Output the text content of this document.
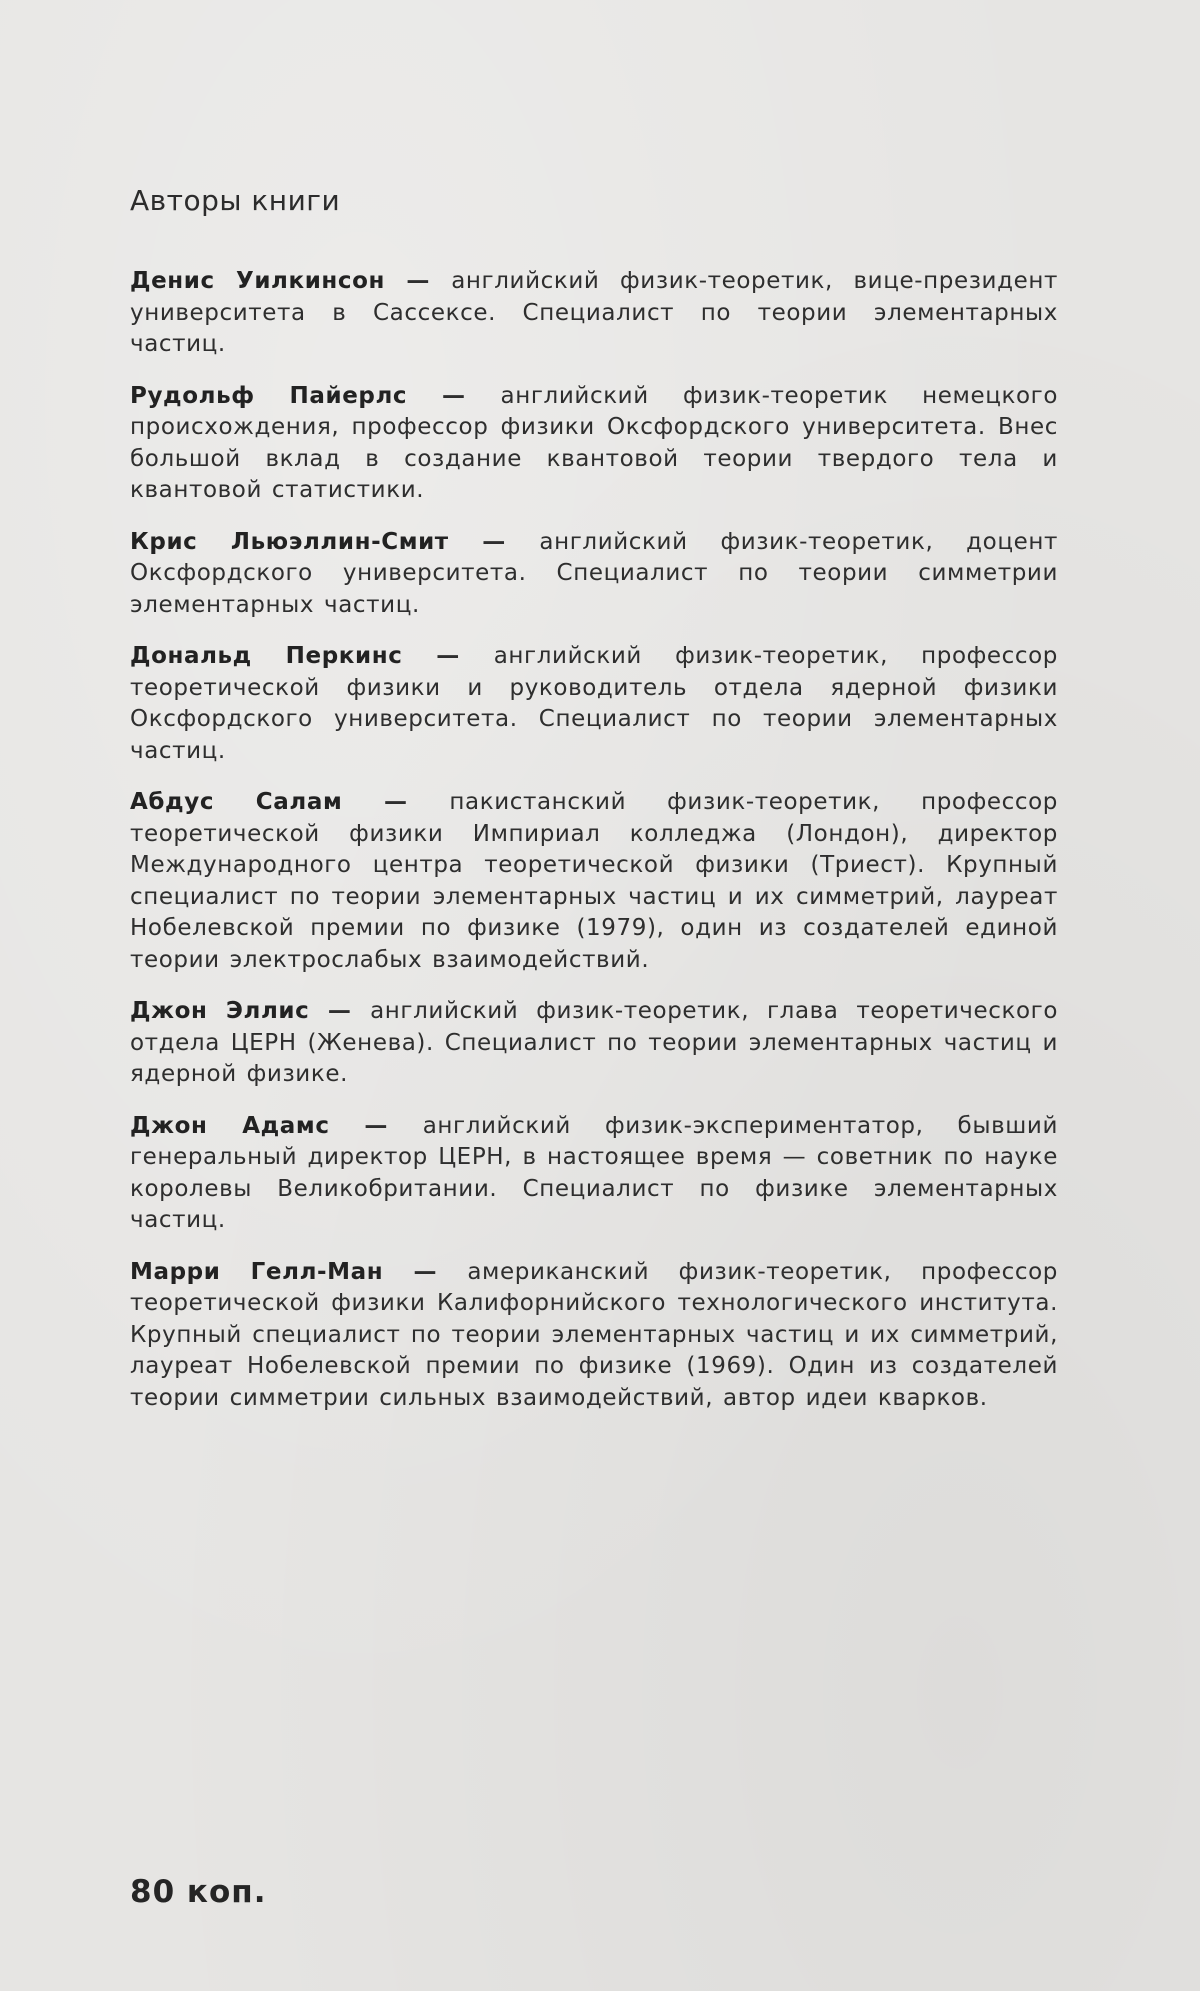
Авторы книги

Денис Уилкинсон — английский физик-теоретик, вице-президент университета в Сассексе. Специалист по теории элементарных частиц.

Рудольф Пайерлс — английский физик-теоретик немецкого происхождения, профессор физики Оксфордского университета. Внес большой вклад в создание квантовой теории твердого тела и квантовой статистики.

Крис Льюэллин-Смит — английский физик-теоретик, доцент Оксфордского университета. Специалист по теории симметрии элементарных частиц.

Дональд Перкинс — английский физик-теоретик, профессор теоретической физики и руководитель отдела ядерной физики Оксфордского университета. Специалист по теории элементарных частиц.

Абдус Салам — пакистанский физик-теоретик, профессор теоретической физики Импириал колледжа (Лондон), директор Международного центра теоретической физики (Триест). Крупный специалист по теории элементарных частиц и их симметрий, лауреат Нобелевской премии по физике (1979), один из создателей единой теории электрослабых взаимодействий.

Джон Эллис — английский физик-теоретик, глава теоретического отдела ЦЕРН (Женева). Специалист по теории элементарных частиц и ядерной физике.

Джон Адамс — английский физик-экспериментатор, бывший генеральный директор ЦЕРН, в настоящее время — советник по науке королевы Великобритании. Специалист по физике элементарных частиц.

Марри Гелл-Ман — американский физик-теоретик, профессор теоретической физики Калифорнийского технологического института. Крупный специалист по теории элементарных частиц и их симметрий, лауреат Нобелевской премии по физике (1969). Один из создателей теории симметрии сильных взаимодействий, автор идеи кварков.

80 коп.
